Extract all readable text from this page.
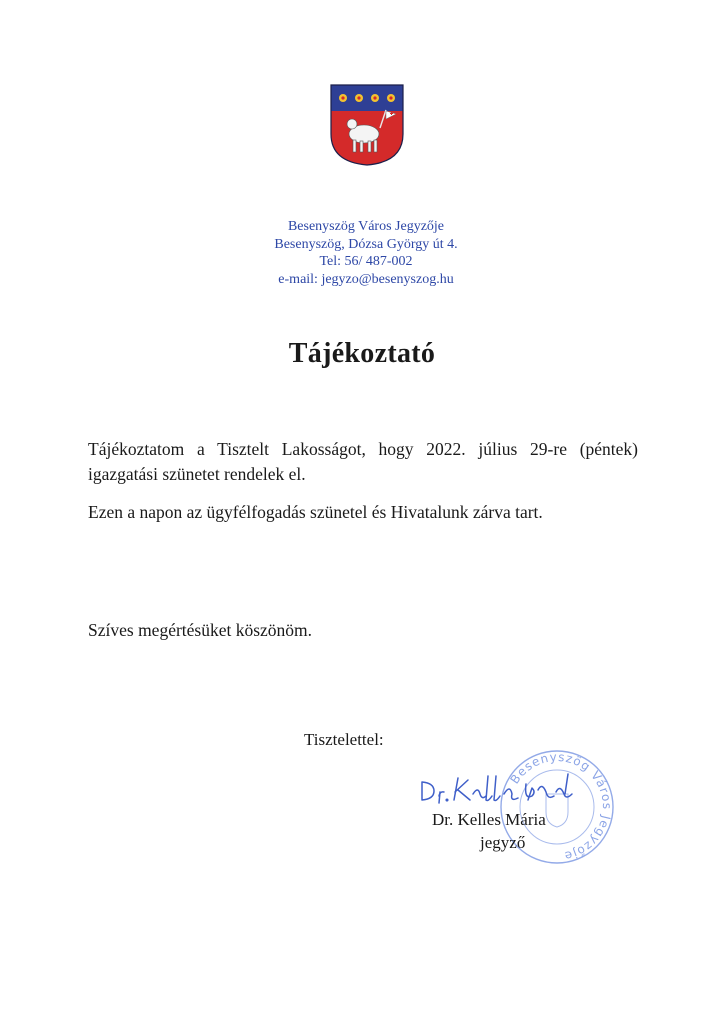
Besenyszög Város Jegyzője
Besenyszög, Dózsa György út 4.
Tel: 56/ 487-002
e-mail: jegyzo@besenyszog.hu
Tájékoztató
Tájékoztatom a Tisztelt Lakosságot, hogy 2022. július 29-re (péntek)
igazgatási szünetet rendelek el.
Ezen a napon az ügyfélfogadás szünetel és Hivatalunk zárva tart.
Szíves megértésüket köszönöm.
Tisztelettel:
Besenyszög Város Jegyzője
Dr. Kelles Mária
jegyző
